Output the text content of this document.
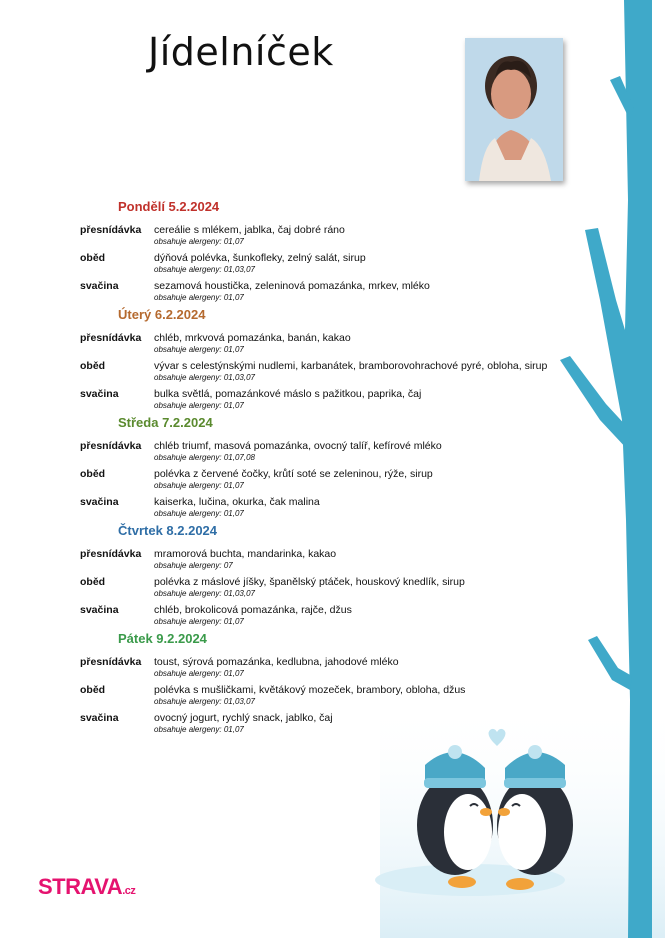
Jídelníček
Pondělí 5.2.2024
přesnídávka cereálie s mlékem, jablka, čaj dobré ráno
obsahuje alergeny: 01,07
oběd	dýňová polévka, šunkofleky, zelný salát, sirup
obsahuje alergeny: 01,03,07
svačina	sezamová houstička, zeleninová pomazánka, mrkev, mléko
obsahuje alergeny: 01,07
Úterý 6.2.2024
přesnídávka chléb, mrkvová pomazánka, banán, kakao
obsahuje alergeny: 01,07
oběd	vývar s celestýnskými nudlemi, karbanátek, bramborovohrachové pyré, obloha, sirup
obsahuje alergeny: 01,03,07
svačina	bulka světlá, pomazánkové máslo s pažitkou, paprika, čaj
obsahuje alergeny: 01,07
Středa 7.2.2024
přesnídávka chléb triumf, masová pomazánka, ovocný talíř, kefírové mléko
obsahuje alergeny: 01,07,08
oběd	polévka z červené čočky, krůtí soté se zeleninou, rýže, sirup
obsahuje alergeny: 01,07
svačina	kaiserka, lučina, okurka, čak malina
obsahuje alergeny: 01,07
Čtvrtek 8.2.2024
přesnídávka mramorová buchta, mandarinka, kakao
obsahuje alergeny: 07
oběd	polévka z máslové jíšky, španělský ptáček, houskový knedlík, sirup
obsahuje alergeny: 01,03,07
svačina	chléb, brokolicová pomazánka, rajče, džus
obsahuje alergeny: 01,07
Pátek 9.2.2024
přesnídávka toust, sýrová pomazánka, kedlubna, jahodové mléko
obsahuje alergeny: 01,07
oběd	polévka s mušličkami, květákový mozeček, brambory, obloha, džus
obsahuje alergeny: 01,03,07
svačina	ovocný jogurt, rychlý snack, jablko, čaj
obsahuje alergeny: 01,07
STRAVA.cz
